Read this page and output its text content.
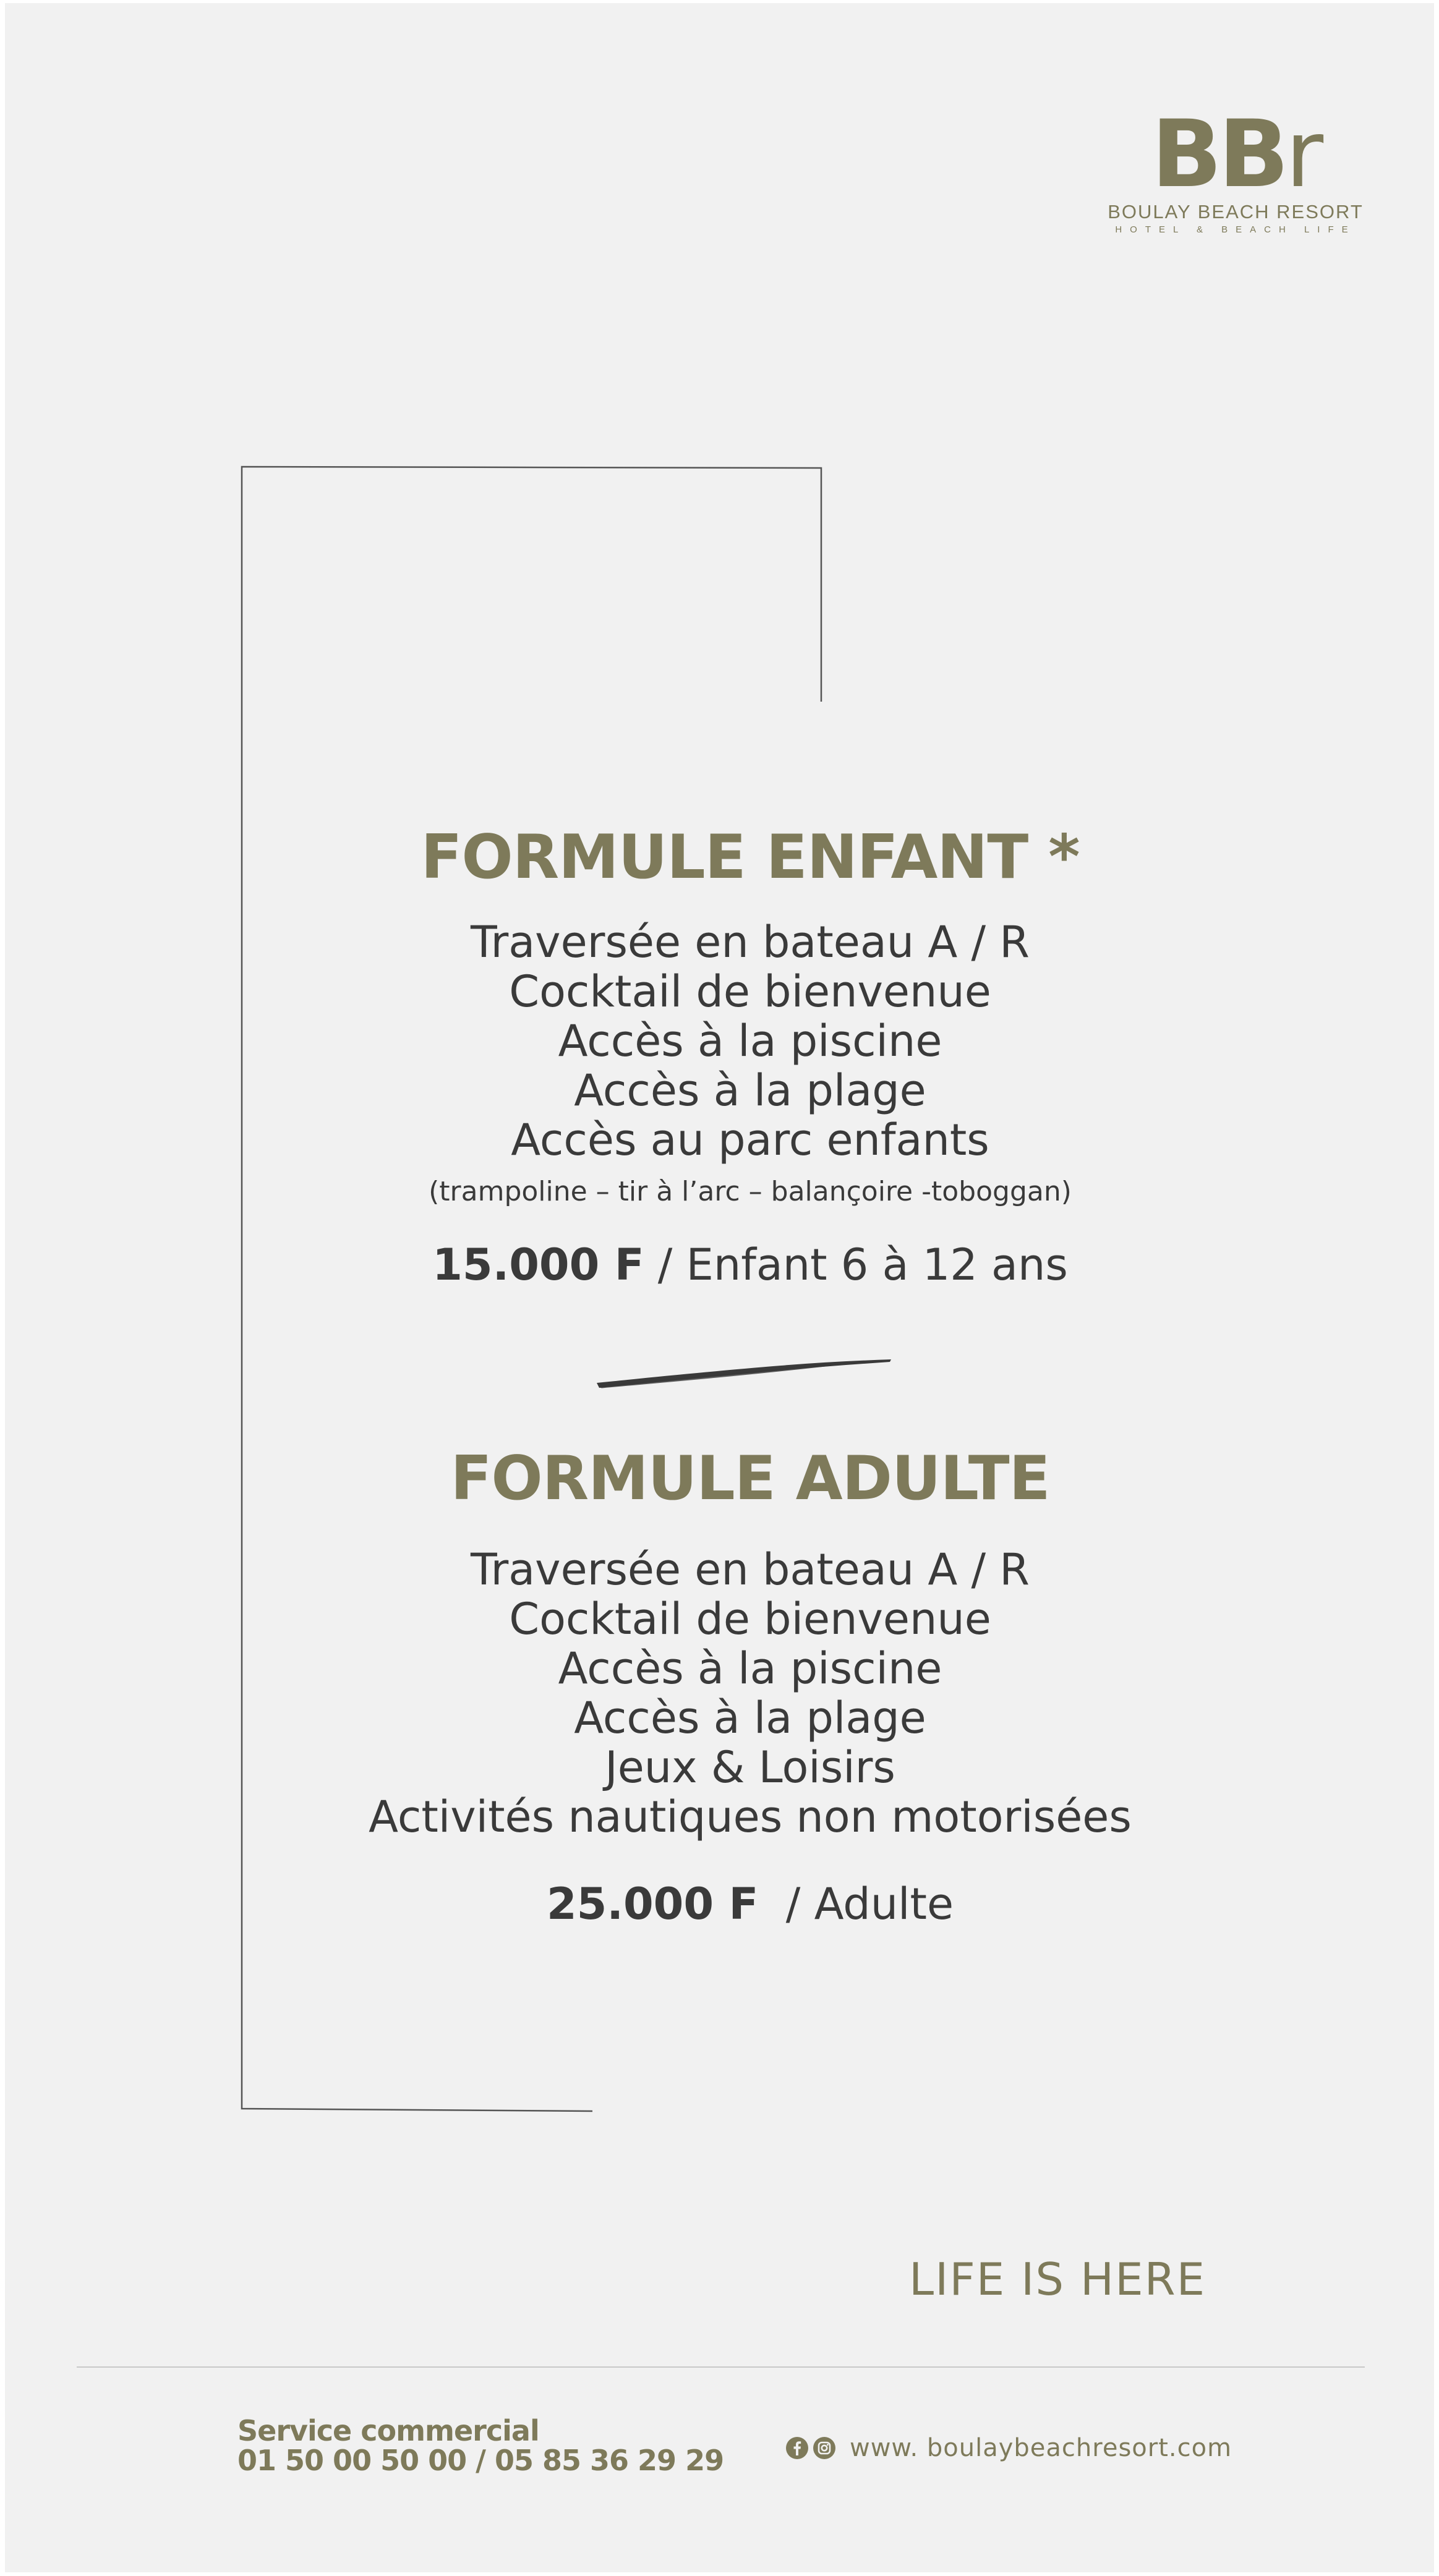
BBr
BOULAY BEACH RESORT
HOTEL & BEACH LIFE
FORMULE ENFANT *
Traversée en bateau A / R
Cocktail de bienvenue
Accès à la piscine
Accès à la plage
Accès au parc enfants
(trampoline – tir à l’arc – balançoire -toboggan)
15.000 F / Enfant 6 à 12 ans
FORMULE ADULTE
Traversée en bateau A / R
Cocktail de bienvenue
Accès à la piscine
Accès à la plage
Jeux & Loisirs
Activités nautiques non motorisées
25.000 F  / Adulte
LIFE IS HERE
Service commercial
01 50 00 50 00 / 05 85 36 29 29	www. boulaybeachresort.com
